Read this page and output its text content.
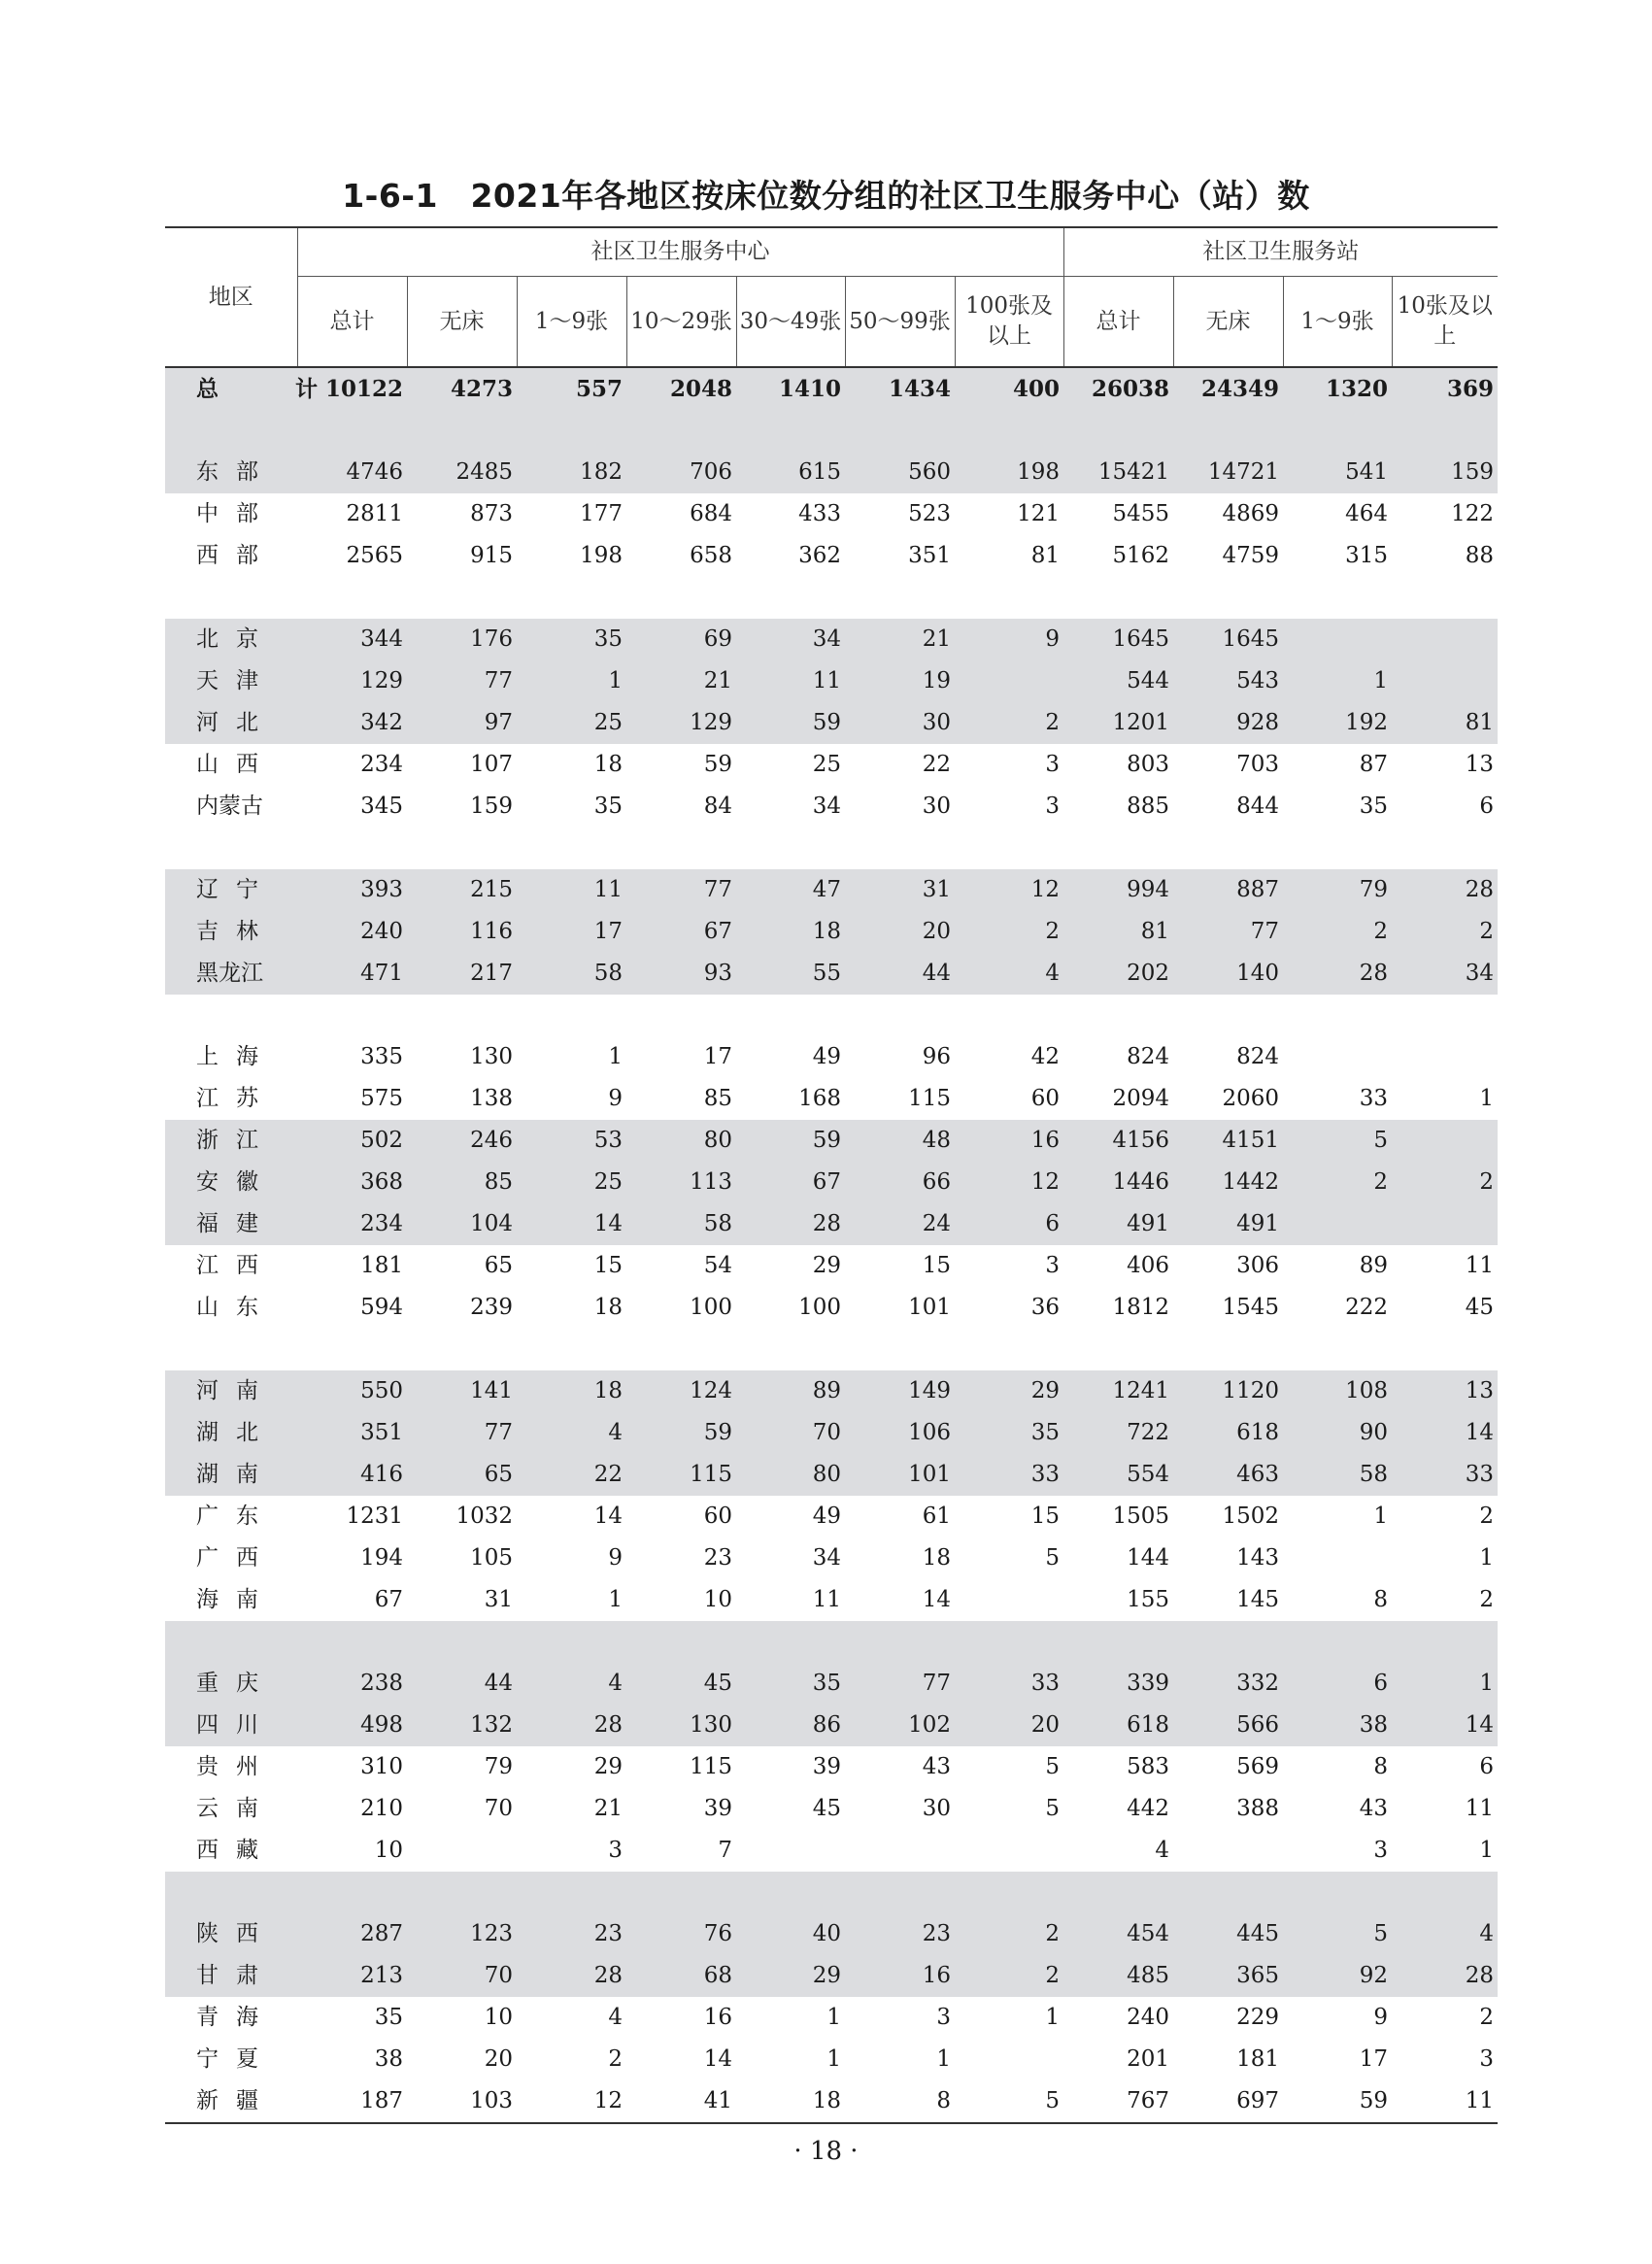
1-6-1　2021年各地区按床位数分组的社区卫生服务中心（站）数
地区	社区卫生服务中心							社区卫生服务站			
	总计	无床	1～9张	10～29张	30～49张	50～99张	100张及以上	总计	无床	1～9张	10张及以上
总　计	10122	4273	557	2048	1410	1434	400	26038	24349	1320	369

东部	4746	2485	182	706	615	560	198	15421	14721	541	159
中部	2811	873	177	684	433	523	121	5455	4869	464	122
西部	2565	915	198	658	362	351	81	5162	4759	315	88

北京	344	176	35	69	34	21	9	1645	1645		
天津	129	77	1	21	11	19		544	543	1	
河北	342	97	25	129	59	30	2	1201	928	192	81
山西	234	107	18	59	25	22	3	803	703	87	13
内蒙古	345	159	35	84	34	30	3	885	844	35	6

辽宁	393	215	11	77	47	31	12	994	887	79	28
吉林	240	116	17	67	18	20	2	81	77	2	2
黑龙江	471	217	58	93	55	44	4	202	140	28	34

上海	335	130	1	17	49	96	42	824	824		
江苏	575	138	9	85	168	115	60	2094	2060	33	1
浙江	502	246	53	80	59	48	16	4156	4151	5	
安徽	368	85	25	113	67	66	12	1446	1442	2	2
福建	234	104	14	58	28	24	6	491	491		
江西	181	65	15	54	29	15	3	406	306	89	11
山东	594	239	18	100	100	101	36	1812	1545	222	45

河南	550	141	18	124	89	149	29	1241	1120	108	13
湖北	351	77	4	59	70	106	35	722	618	90	14
湖南	416	65	22	115	80	101	33	554	463	58	33
广东	1231	1032	14	60	49	61	15	1505	1502	1	2
广西	194	105	9	23	34	18	5	144	143		1
海南	67	31	1	10	11	14		155	145	8	2

重庆	238	44	4	45	35	77	33	339	332	6	1
四川	498	132	28	130	86	102	20	618	566	38	14
贵州	310	79	29	115	39	43	5	583	569	8	6
云南	210	70	21	39	45	30	5	442	388	43	11
西藏	10		3	7				4		3	1

陕西	287	123	23	76	40	23	2	454	445	5	4
甘肃	213	70	28	68	29	16	2	485	365	92	28
青海	35	10	4	16	1	3	1	240	229	9	2
宁夏	38	20	2	14	1	1		201	181	17	3
新疆	187	103	12	41	18	8	5	767	697	59	11
· 18 ·
